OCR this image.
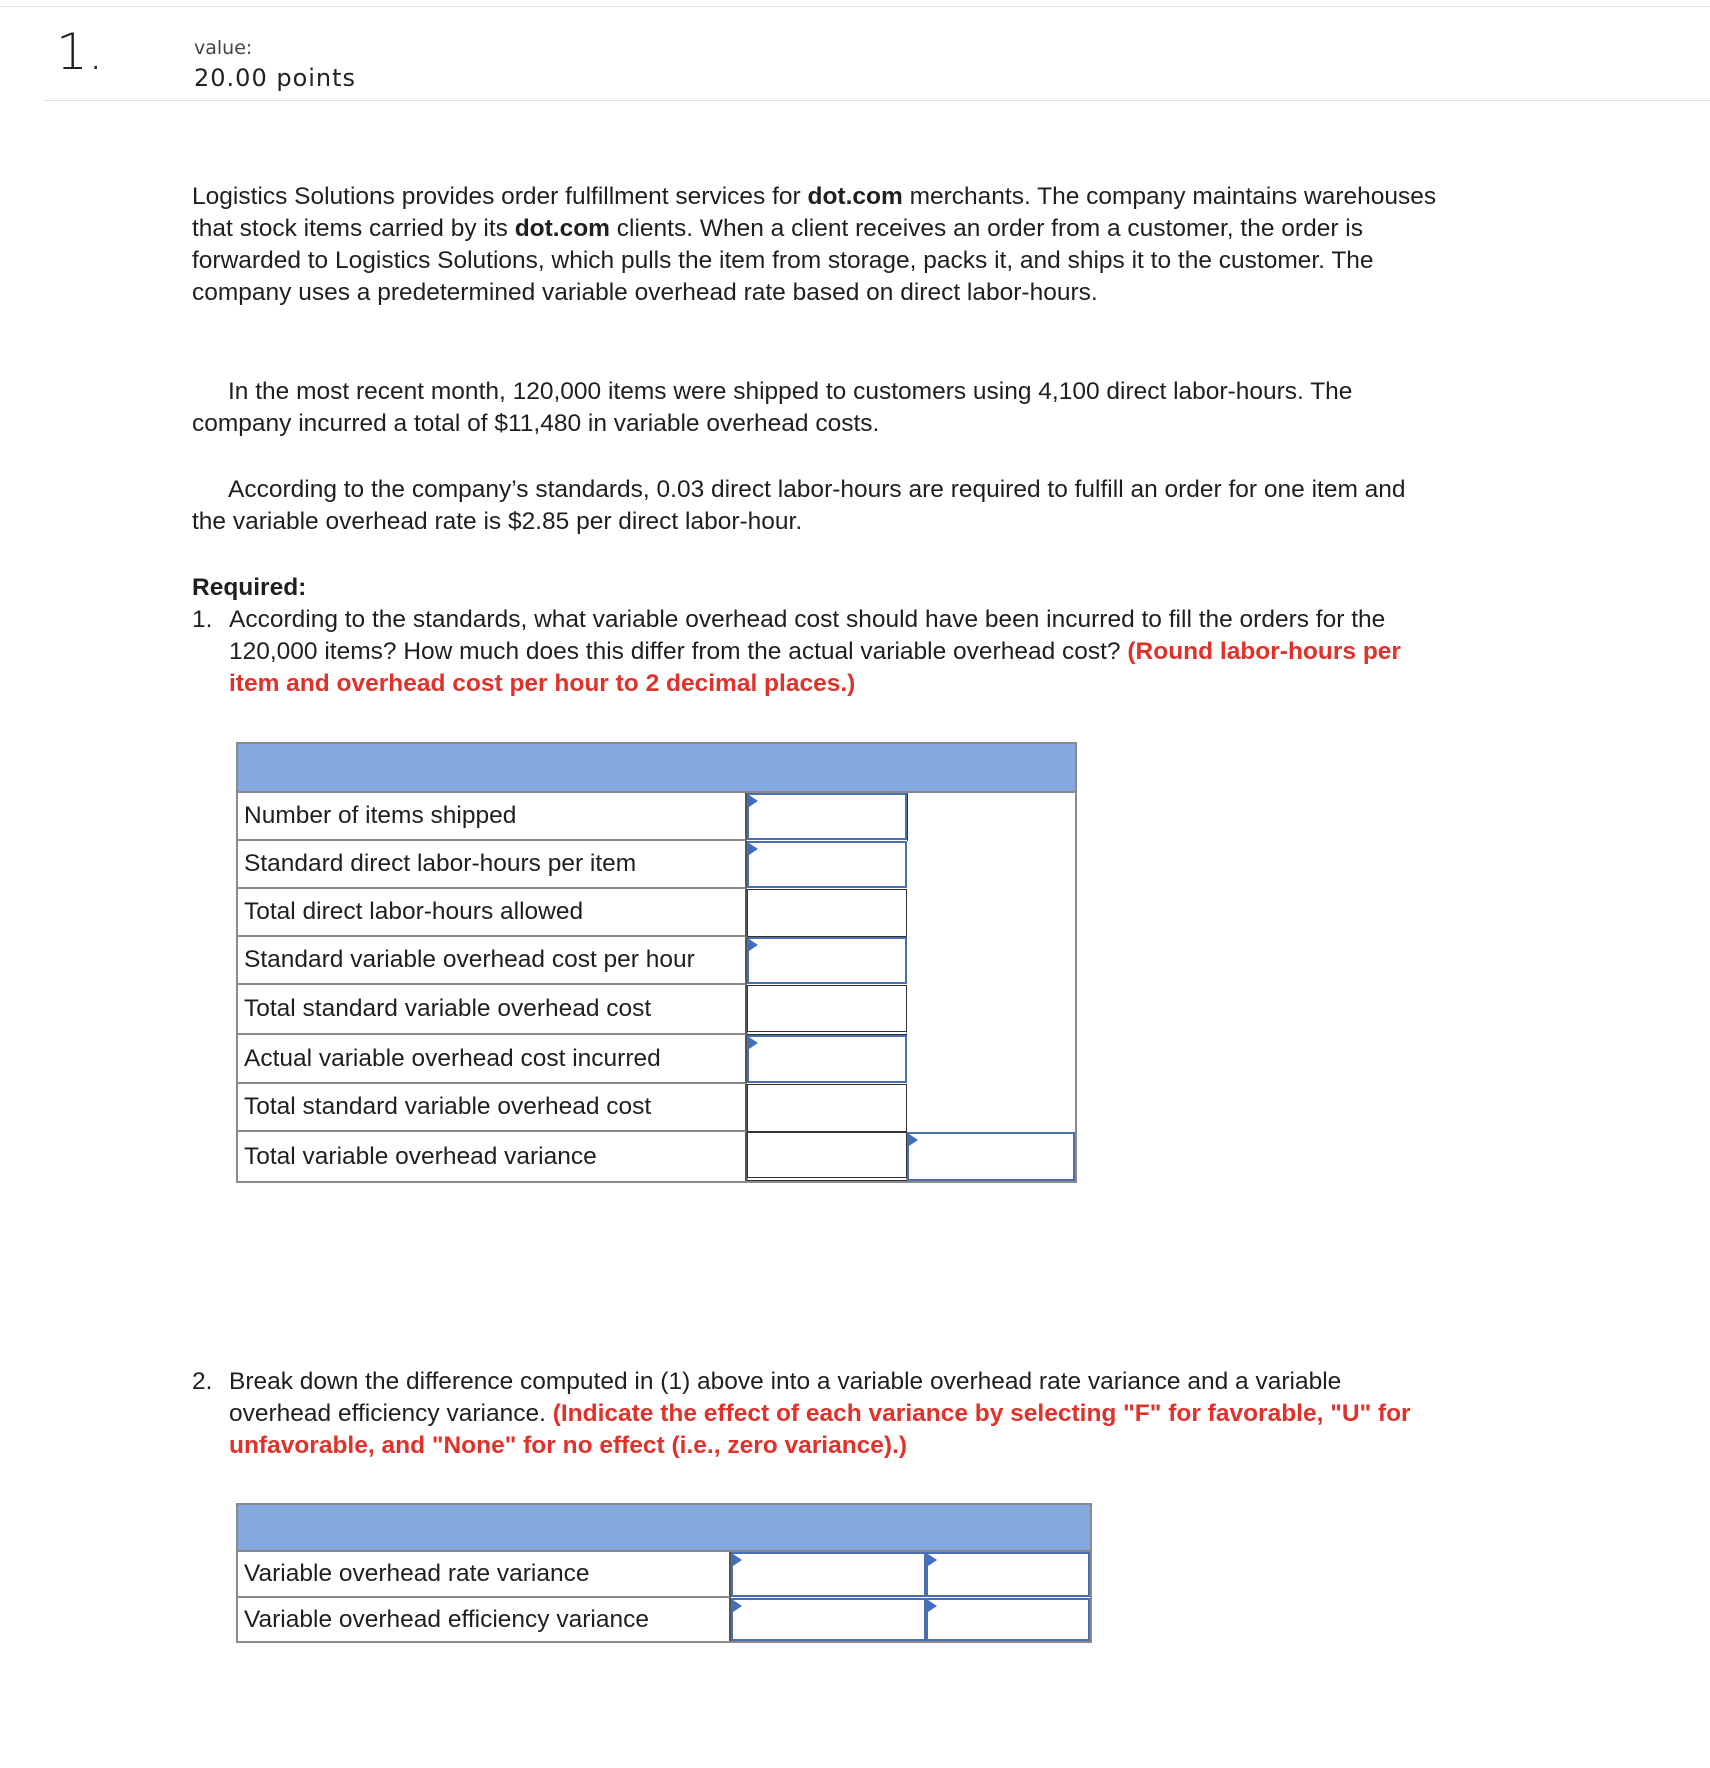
1.	value:
20.00 points
Logistics Solutions provides order fulfillment services for dot.com merchants. The company maintains warehouses that stock items carried by its dot.com clients. When a client receives an order from a customer, the order is forwarded to Logistics Solutions, which pulls the item from storage, packs it, and ships it to the customer. The company uses a predetermined variable overhead rate based on direct labor-hours.
In the most recent month, 120,000 items were shipped to customers using 4,100 direct labor-hours. The company incurred a total of $11,480 in variable overhead costs.
According to the company’s standards, 0.03 direct labor-hours are required to fulfill an order for one item and the variable overhead rate is $2.85 per direct labor-hour.
Required:
1. According to the standards, what variable overhead cost should have been incurred to fill the orders for the 120,000 items? How much does this differ from the actual variable overhead cost? (Round labor-hours per item and overhead cost per hour to 2 decimal places.)
Number of items shipped
Standard direct labor-hours per item
Total direct labor-hours allowed
Standard variable overhead cost per hour
Total standard variable overhead cost
Actual variable overhead cost incurred
Total standard variable overhead cost
Total variable overhead variance
2. Break down the difference computed in (1) above into a variable overhead rate variance and a variable overhead efficiency variance. (Indicate the effect of each variance by selecting "F" for favorable, "U" for unfavorable, and "None" for no effect (i.e., zero variance).)
Variable overhead rate variance
Variable overhead efficiency variance
